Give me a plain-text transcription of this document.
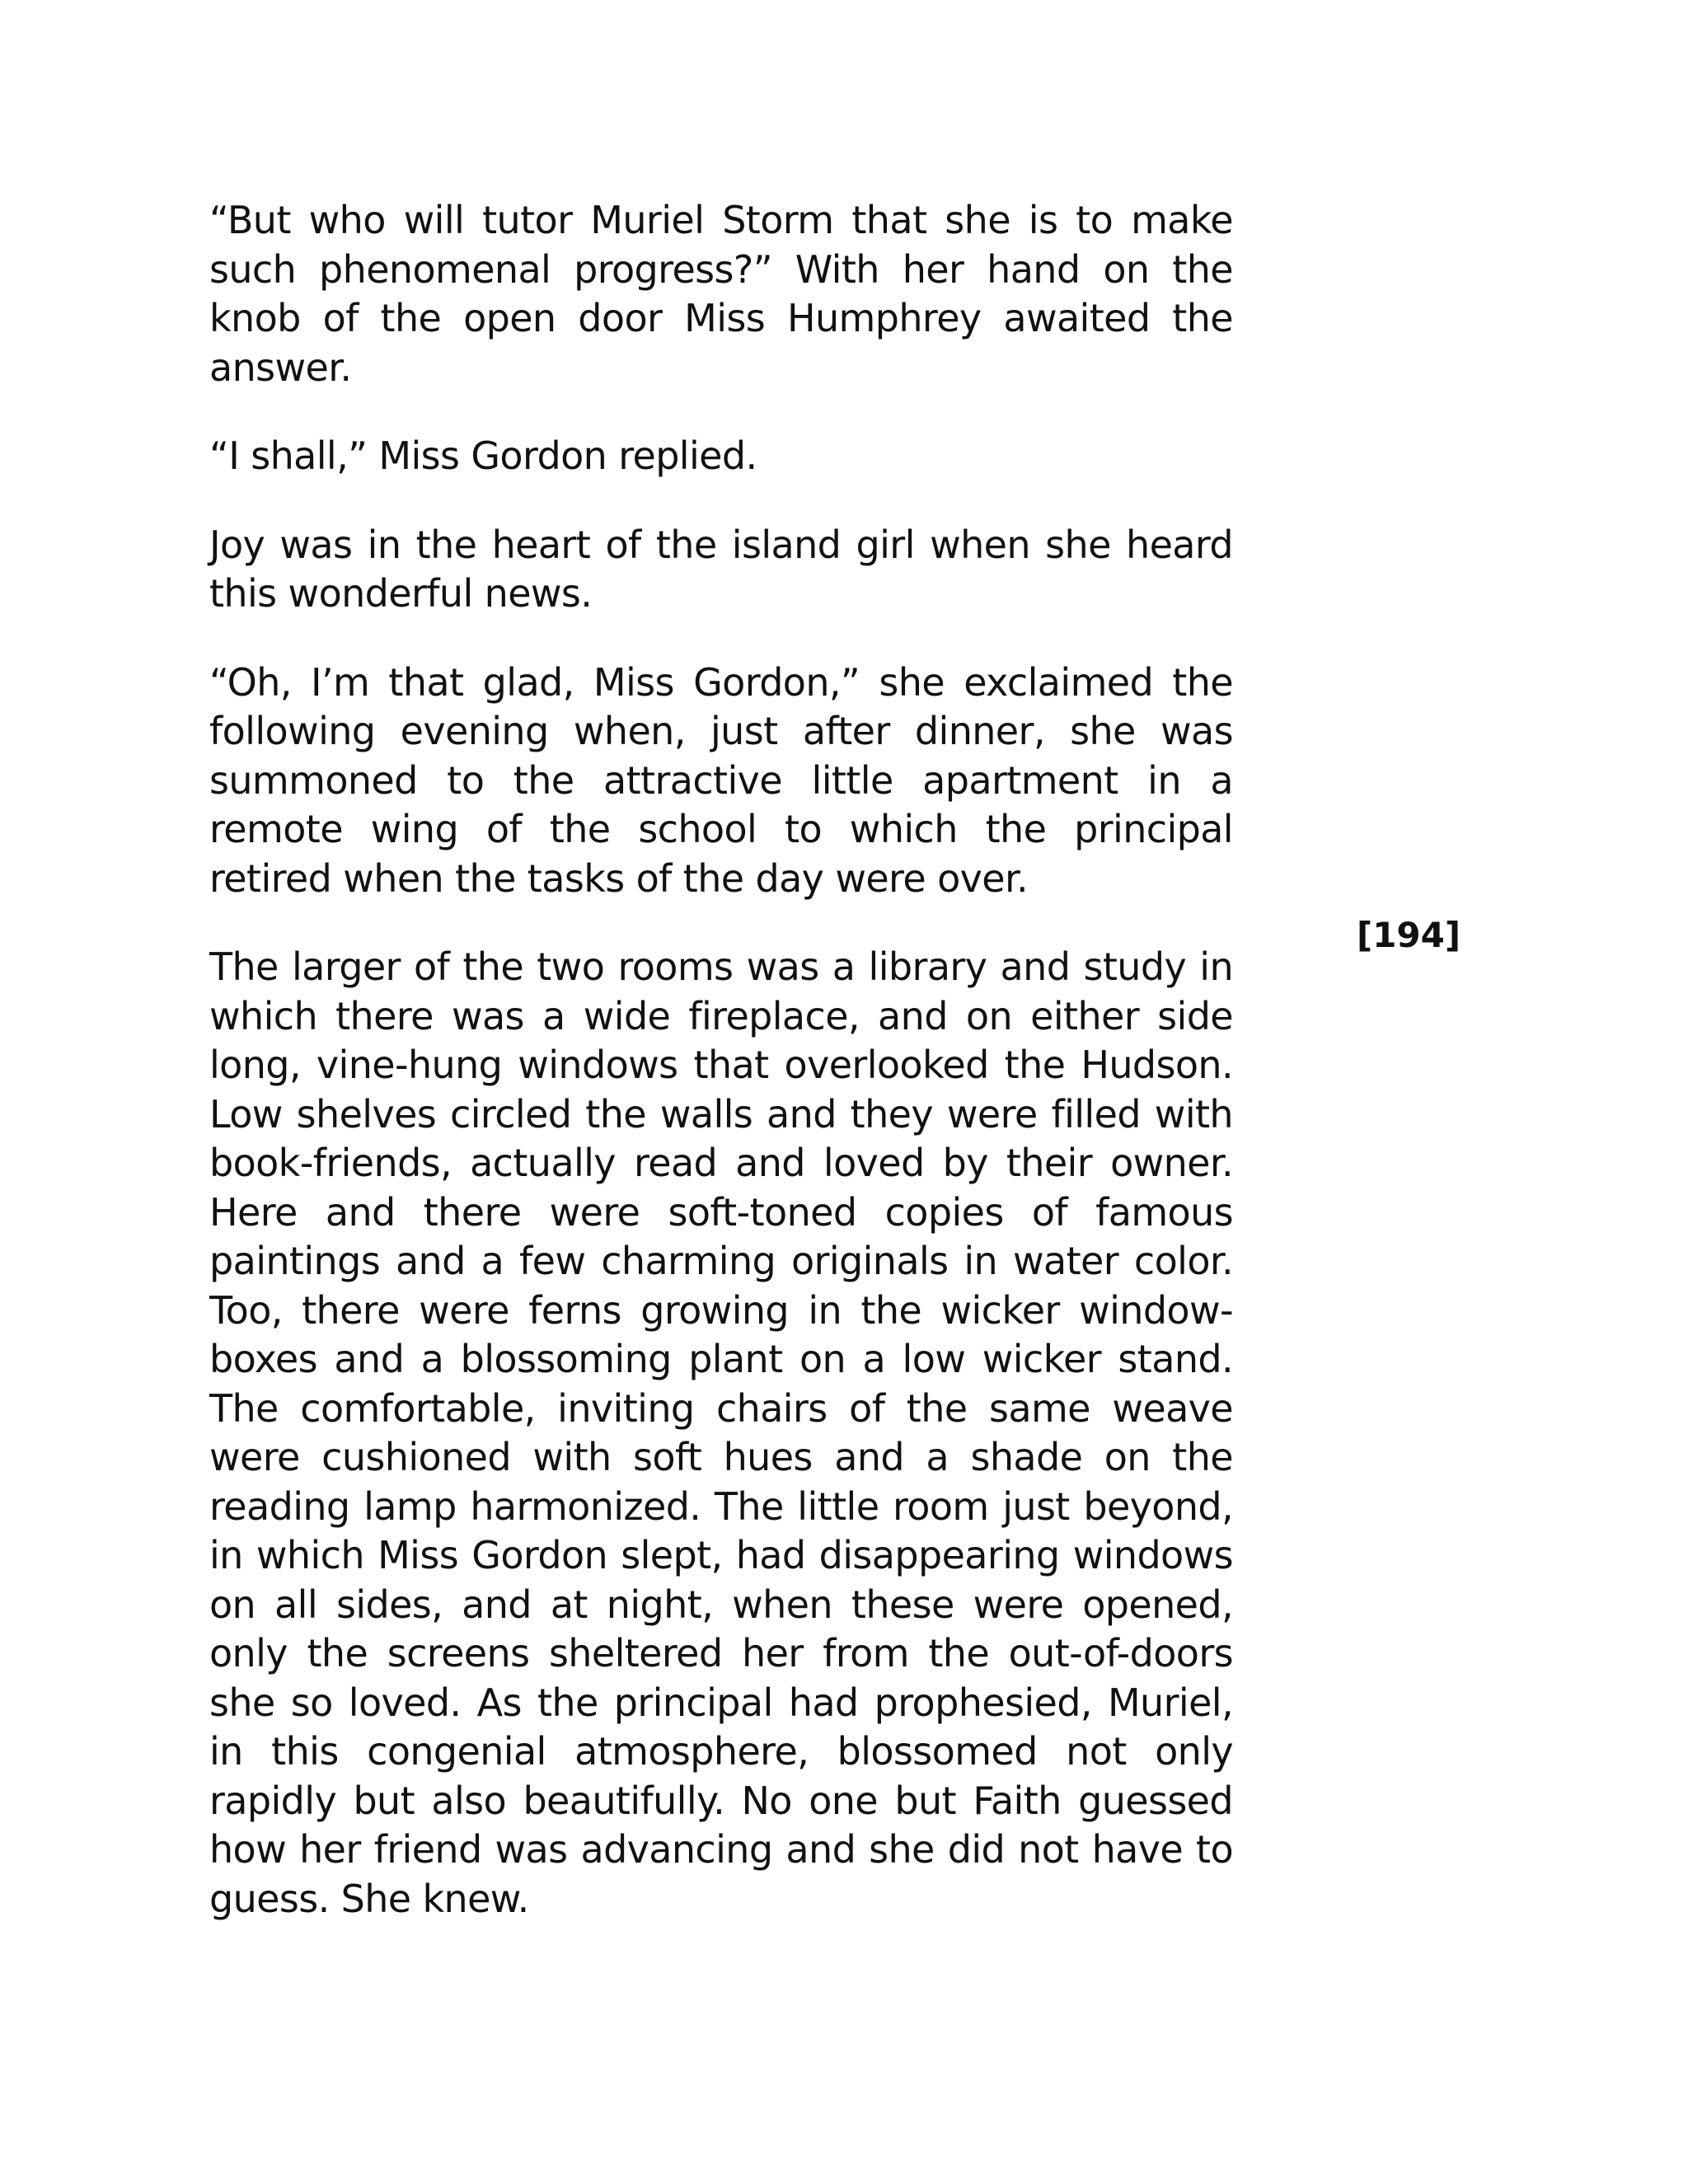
“But who will tutor Muriel Storm that she is to make such phenomenal progress?” With her hand on the knob of the open door Miss Humphrey awaited the answer.

“I shall,” Miss Gordon replied.

Joy was in the heart of the island girl when she heard this wonderful news.

“Oh, I’m that glad, Miss Gordon,” she exclaimed the following evening when, just after dinner, she was summoned to the attractive little apartment in a remote wing of the school to which the principal retired when the tasks of the day were over.

The larger of the two rooms was a library and study in which there was a wide fireplace, and on either side long, vine-hung windows that overlooked the Hudson. Low shelves circled the walls and they were filled with book-friends, actually read and loved by their owner. Here and there were soft-toned copies of famous paintings and a few charming originals in water color. Too, there were ferns growing in the wicker window-boxes and a blossoming plant on a low wicker stand. The comfortable, inviting chairs of the same weave were cushioned with soft hues and a shade on the reading lamp harmonized. The little room just beyond, in which Miss Gordon slept, had disappearing windows on all sides, and at night, when these were opened, only the screens sheltered her from the out-of-doors she so loved. As the principal had prophesied, Muriel, in this congenial atmosphere, blossomed not only rapidly but also beautifully. No one but Faith guessed how her friend was advancing and she did not have to guess. She knew.

[194]
